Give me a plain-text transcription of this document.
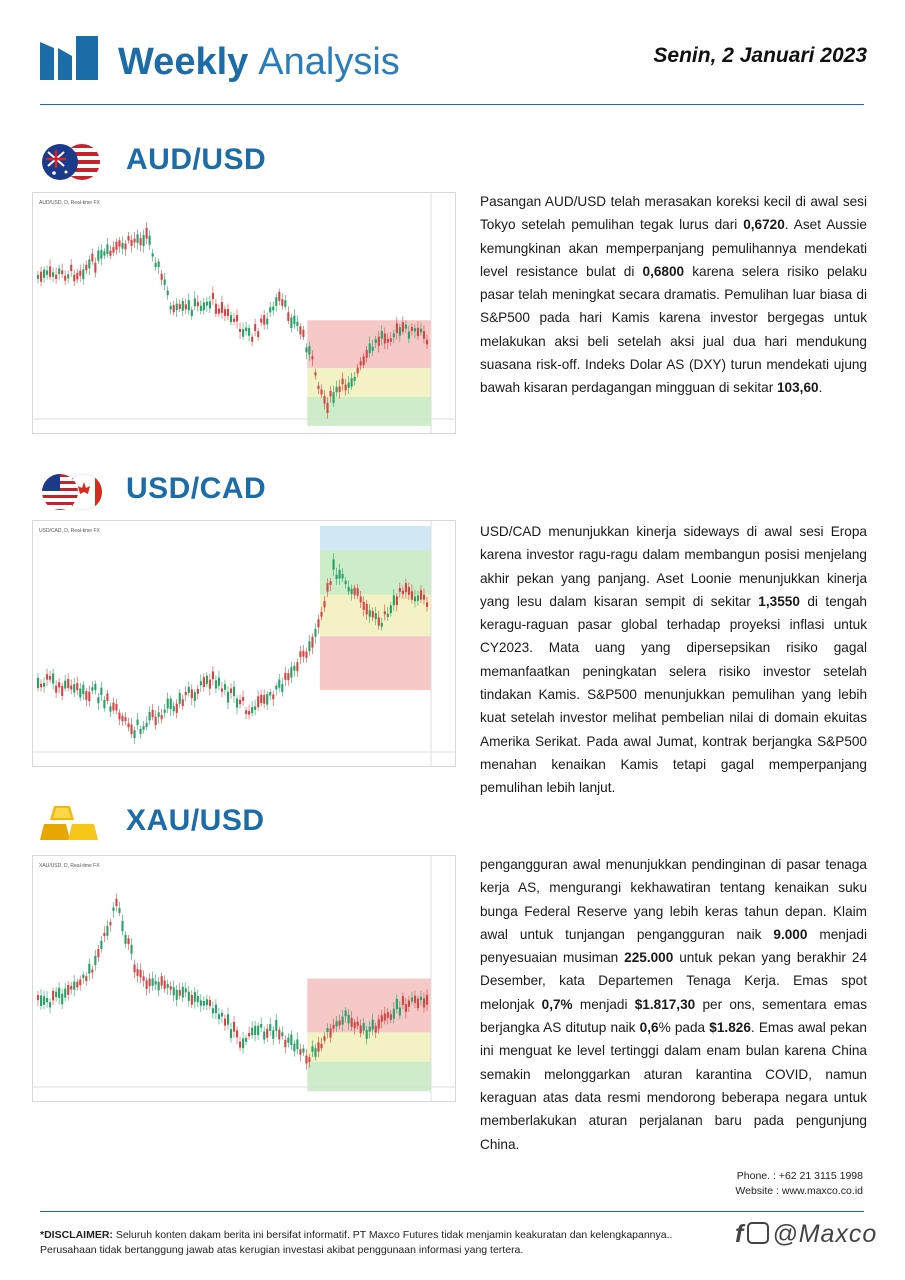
Weekly Analysis	Senin, 2 Januari 2023
AUD/USD
AUD/USD, D, Real-time FX	Pasangan AUD/USD telah merasakan koreksi kecil di awal sesi Tokyo setelah pemulihan tegak lurus dari 0,6720. Aset Aussie kemungkinan akan memperpanjang pemulihannya mendekati level resistance bulat di 0,6800 karena selera risiko pelaku pasar telah meningkat secara dramatis. Pemulihan luar biasa di S&P500 pada hari Kamis karena investor bergegas untuk melakukan aksi beli setelah aksi jual dua hari mendukung suasana risk-off. Indeks Dolar AS (DXY) turun mendekati ujung bawah kisaran perdagangan mingguan di sekitar 103,60.
USD/CAD
USD/CAD, D, Real-time FX	USD/CAD menunjukkan kinerja sideways di awal sesi Eropa karena investor ragu-ragu dalam membangun posisi menjelang akhir pekan yang panjang. Aset Loonie menunjukkan kinerja yang lesu dalam kisaran sempit di sekitar 1,3550 di tengah keragu-raguan pasar global terhadap proyeksi inflasi untuk CY2023. Mata uang yang dipersepsikan risiko gagal memanfaatkan peningkatan selera risiko investor setelah tindakan Kamis. S&P500 menunjukkan pemulihan yang lebih kuat setelah investor melihat pembelian nilai di domain ekuitas Amerika Serikat. Pada awal Jumat, kontrak berjangka S&P500 menahan kenaikan Kamis tetapi gagal memperpanjang pemulihan lebih lanjut.
XAU/USD
XAU/USD, D, Real-time FX	pengangguran awal menunjukkan pendinginan di pasar tenaga kerja AS, mengurangi kekhawatiran tentang kenaikan suku bunga Federal Reserve yang lebih keras tahun depan. Klaim awal untuk tunjangan pengangguran naik 9.000 menjadi penyesuaian musiman 225.000 untuk pekan yang berakhir 24 Desember, kata Departemen Tenaga Kerja. Emas spot melonjak 0,7% menjadi $1.817,30 per ons, sementara emas berjangka AS ditutup naik 0,6% pada $1.826. Emas awal pekan ini menguat ke level tertinggi dalam enam bulan karena China semakin melonggarkan aturan karantina COVID, namun keraguan atas data resmi mendorong beberapa negara untuk memberlakukan aturan perjalanan baru pada pengunjung China.
Phone. : +62 21 3115 1998
Website : www.maxco.co.id
*DISCLAIMER: Seluruh konten dakam berita ini bersifat informatif. PT Maxco Futures tidak menjamin keakuratan dan kelengkapannya..
Perusahaan tidak bertanggung jawab atas kerugian investasi akibat penggunaan informasi yang tertera.
f @Maxco
